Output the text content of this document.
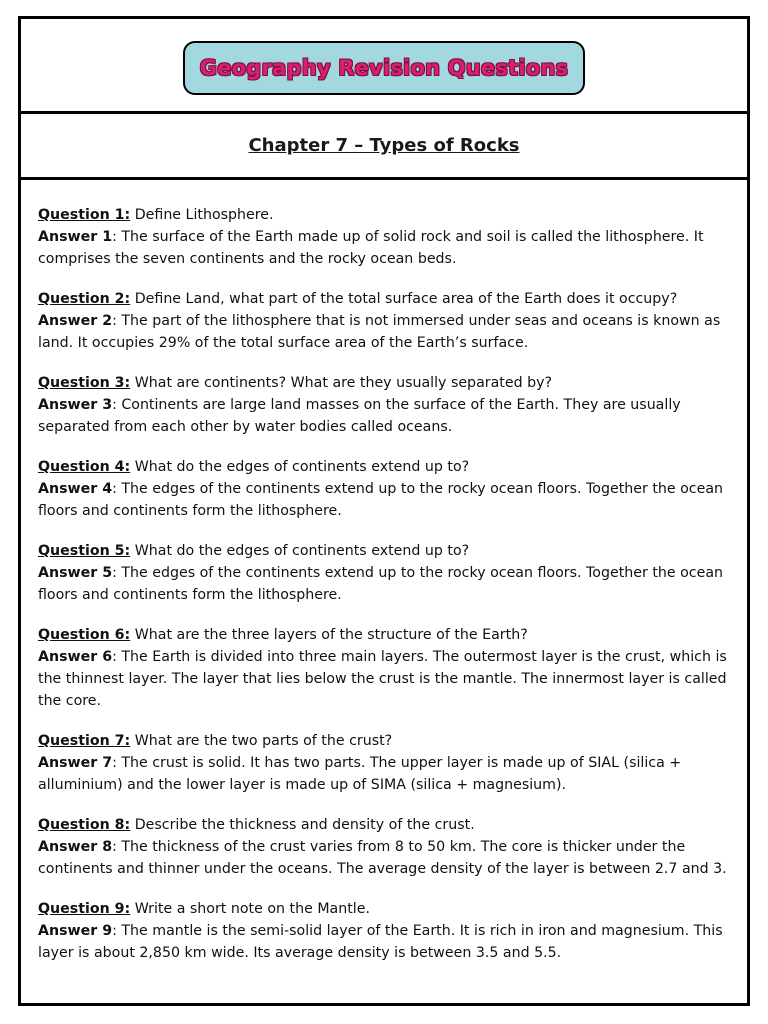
Geography Revision Questions
Chapter 7 – Types of Rocks

Question 1: Define Lithosphere.
Answer 1: The surface of the Earth made up of solid rock and soil is called the lithosphere. It comprises the seven continents and the rocky ocean beds.

Question 2: Define Land, what part of the total surface area of the Earth does it occupy?
Answer 2: The part of the lithosphere that is not immersed under seas and oceans is known as land. It occupies 29% of the total surface area of the Earth’s surface.

Question 3: What are continents? What are they usually separated by?
Answer 3: Continents are large land masses on the surface of the Earth. They are usually separated from each other by water bodies called oceans.

Question 4: What do the edges of continents extend up to?
Answer 4: The edges of the continents extend up to the rocky ocean floors. Together the ocean floors and continents form the lithosphere.

Question 5: What do the edges of continents extend up to?
Answer 5: The edges of the continents extend up to the rocky ocean floors. Together the ocean floors and continents form the lithosphere.

Question 6: What are the three layers of the structure of the Earth?
Answer 6: The Earth is divided into three main layers. The outermost layer is the crust, which is the thinnest layer. The layer that lies below the crust is the mantle. The innermost layer is called the core.

Question 7: What are the two parts of the crust?
Answer 7: The crust is solid. It has two parts. The upper layer is made up of SIAL (silica + alluminium) and the lower layer is made up of SIMA (silica + magnesium).

Question 8: Describe the thickness and density of the crust.
Answer 8: The thickness of the crust varies from 8 to 50 km. The core is thicker under the continents and thinner under the oceans. The average density of the layer is between 2.7 and 3.

Question 9: Write a short note on the Mantle.
Answer 9: The mantle is the semi-solid layer of the Earth. It is rich in iron and magnesium. This layer is about 2,850 km wide. Its average density is between 3.5 and 5.5.
